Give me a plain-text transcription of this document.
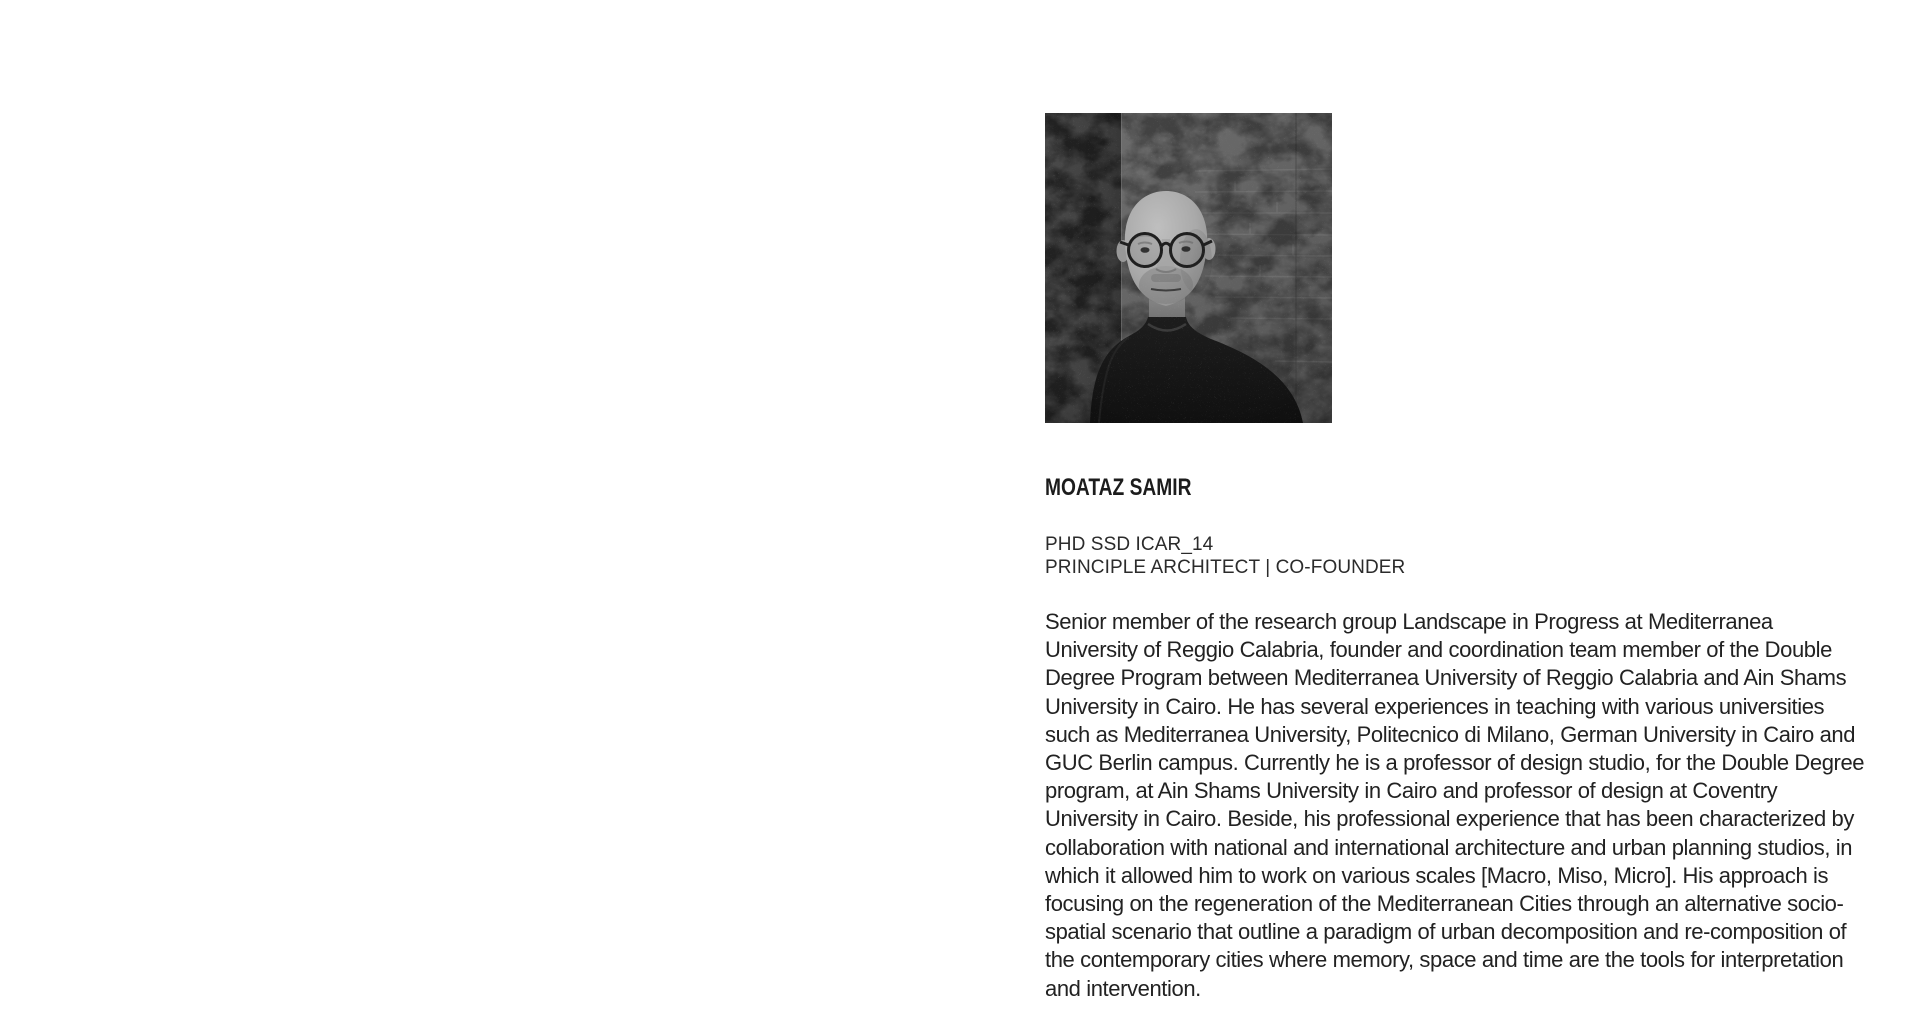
MOATAZ SAMIR
PHD SSD ICAR_14
PRINCIPLE ARCHITECT | CO-FOUNDER

Senior member of the research group Landscape in Progress at Mediterranea University of Reggio Calabria, founder and coordination team member of the Double Degree Program between Mediterranea University of Reggio Calabria and Ain Shams University in Cairo. He has several experiences in teaching with various universities such as Mediterranea University, Politecnico di Milano, German University in Cairo and GUC Berlin campus. Currently he is a professor of design studio, for the Double Degree program, at Ain Shams University in Cairo and professor of design at Coventry University in Cairo. Beside, his professional experience that has been characterized by collaboration with national and international architecture and urban planning studios, in which it allowed him to work on various scales [Macro, Miso, Micro]. His approach is focusing on the regeneration of the Mediterranean Cities through an alternative socio-spatial scenario that outline a paradigm of urban decomposition and re-composition of the contemporary cities where memory, space and time are the tools for interpretation and intervention.
